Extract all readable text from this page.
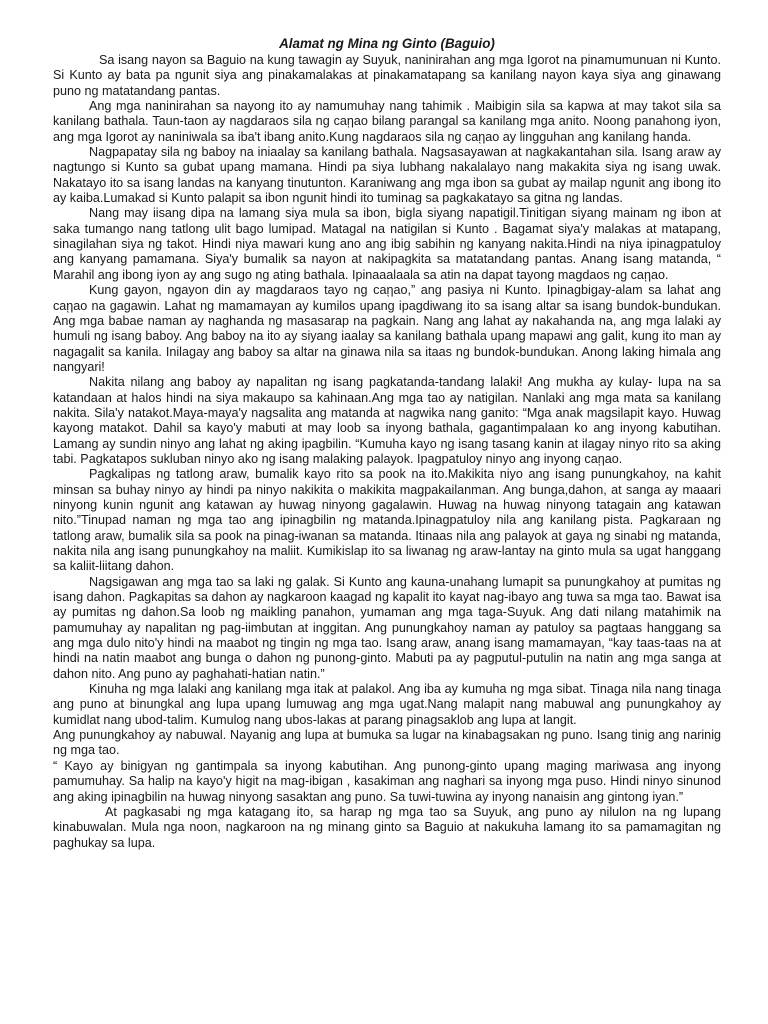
Alamat ng Mina ng Ginto (Baguio)

Sa isang nayon sa Baguio na kung tawagin ay Suyuk, naninirahan ang mga Igorot na pinamumunuan ni Kunto. Si Kunto ay bata pa ngunit siya ang pinakamalakas at pinakamatapang sa kanilang nayon kaya siya ang ginawang puno ng matatandang pantas.

Ang mga naninirahan sa nayong ito ay namumuhay nang tahimik . Maibigin sila sa kapwa at may takot sila sa kanilang bathala. Taun-taon ay nagdaraos sila ng caῃao bilang parangal sa kanilang mga anito. Noong panahong iyon, ang mga Igorot ay naniniwala sa iba't ibang anito.Kung nagdaraos sila ng caῃao ay lingguhan ang kanilang handa.

Nagpapatay sila ng baboy na iniaalay sa kanilang bathala. Nagsasayawan at nagkakantahan sila. Isang araw ay nagtungo si Kunto sa gubat upang mamana. Hindi pa siya lubhang nakalalayo nang makakita siya ng isang uwak. Nakatayo ito sa isang landas na kanyang tinutunton. Karaniwang ang mga ibon sa gubat ay mailap ngunit ang ibong ito ay kaiba.Lumakad si Kunto palapit sa ibon ngunit hindi ito tuminag sa pagkakatayo sa gitna ng landas.

Nang may iisang dipa na lamang siya mula sa ibon, bigla siyang napatigil.Tinitigan siyang mainam ng ibon at saka tumango nang tatlong ulit bago lumipad. Matagal na natigilan si Kunto . Bagamat siya'y malakas at matapang, sinagilahan siya ng takot. Hindi niya mawari kung ano ang ibig sabihin ng kanyang nakita.Hindi na niya ipinagpatuloy ang kanyang pamamana. Siya'y bumalik sa nayon at nakipagkita sa matatandang pantas. Anang isang matanda, “ Marahil ang ibong iyon ay ang sugo ng ating bathala. Ipinaaalaala sa atin na dapat tayong magdaos ng caῃao.

Kung gayon, ngayon din ay magdaraos tayo ng caῃao,” ang pasiya ni Kunto. Ipinagbigay-alam sa lahat ang caῃao na gagawin. Lahat ng mamamayan ay kumilos upang ipagdiwang ito sa isang altar sa isang bundok-bundukan. Ang mga babae naman ay naghanda ng masasarap na pagkain. Nang ang lahat ay nakahanda na, ang mga lalaki ay humuli ng isang baboy. Ang baboy na ito ay siyang iaalay sa kanilang bathala upang mapawi ang galit, kung ito man ay nagagalit sa kanila. Inilagay ang baboy sa altar na ginawa nila sa itaas ng bundok-bundukan. Anong laking himala ang nangyari!

Nakita nilang ang baboy ay napalitan ng isang pagkatanda-tandang lalaki! Ang mukha ay kulay- lupa na sa katandaan at halos hindi na siya makaupo sa kahinaan.Ang mga tao ay natigilan. Nanlaki ang mga mata sa kanilang nakita. Sila'y natakot.Maya-maya'y nagsalita ang matanda at nagwika nang ganito: “Mga anak magsilapit kayo. Huwag kayong matakot. Dahil sa kayo'y mabuti at may loob sa inyong bathala, gagantimpalaan ko ang inyong kabutihan. Lamang ay sundin ninyo ang lahat ng aking ipagbilin. “Kumuha kayo ng isang tasang kanin at ilagay ninyo rito sa aking tabi. Pagkatapos sukluban ninyo ako ng isang malaking palayok. Ipagpatuloy ninyo ang inyong caῃao.

Pagkalipas ng tatlong araw, bumalik kayo rito sa pook na ito.Makikita niyo ang isang punungkahoy, na kahit minsan sa buhay ninyo ay hindi pa ninyo nakikita o makikita magpakailanman. Ang bunga,dahon, at sanga ay maaari ninyong kunin ngunit ang katawan ay huwag ninyong gagalawin. Huwag na huwag ninyong tatagain ang katawan nito.”Tinupad naman ng mga tao ang ipinagbilin ng matanda.Ipinagpatuloy nila ang kanilang pista. Pagkaraan ng tatlong araw, bumalik sila sa pook na pinag-iwanan sa matanda. Itinaas nila ang palayok at gaya ng sinabi ng matanda, nakita nila ang isang punungkahoy na maliit. Kumikislap ito sa liwanag ng araw-lantay na ginto mula sa ugat hanggang sa kaliit-liitang dahon.

Nagsigawan ang mga tao sa laki ng galak. Si Kunto ang kauna-unahang lumapit sa punungkahoy at pumitas ng isang dahon. Pagkapitas sa dahon ay nagkaroon kaagad ng kapalit ito kayat nag-ibayo ang tuwa sa mga tao. Bawat isa ay pumitas ng dahon.Sa loob ng maikling panahon, yumaman ang mga taga-Suyuk. Ang dati nilang matahimik na pamumuhay ay napalitan ng pag-iimbutan at inggitan. Ang punungkahoy naman ay patuloy sa pagtaas hanggang sa ang mga dulo nito'y hindi na maabot ng tingin ng mga tao. Isang araw, anang isang mamamayan, “kay taas-taas na at hindi na natin maabot ang bunga o dahon ng punong-ginto. Mabuti pa ay pagputul-putulin na natin ang mga sanga at dahon nito. Ang puno ay paghahati-hatian natin.”

Kinuha ng mga lalaki ang kanilang mga itak at palakol. Ang iba ay kumuha ng mga sibat. Tinaga nila nang tinaga ang puno at binungkal ang lupa upang lumuwag ang mga ugat.Nang malapit nang mabuwal ang punungkahoy ay kumidlat nang ubod-talim. Kumulog nang ubos-lakas at parang pinagsaklob ang lupa at langit.

Ang punungkahoy ay nabuwal. Nayanig ang lupa at bumuka sa lugar na kinabagsakan ng puno. Isang tinig ang narinig ng mga tao.

“ Kayo ay binigyan ng gantimpala sa inyong kabutihan. Ang punong-ginto upang maging mariwasa ang inyong pamumuhay. Sa halip na kayo'y higit na mag-ibigan , kasakiman ang naghari sa inyong mga puso. Hindi ninyo sinunod ang aking ipinagbilin na huwag ninyong sasaktan ang puno. Sa tuwi-tuwina ay inyong nanaisin ang gintong iyan.”

At pagkasabi ng mga katagang ito, sa harap ng mga tao sa Suyuk, ang puno ay nilulon na ng lupang kinabuwalan. Mula nga noon, nagkaroon na ng minang ginto sa Baguio at nakukuha lamang ito sa pamamagitan ng paghukay sa lupa.
